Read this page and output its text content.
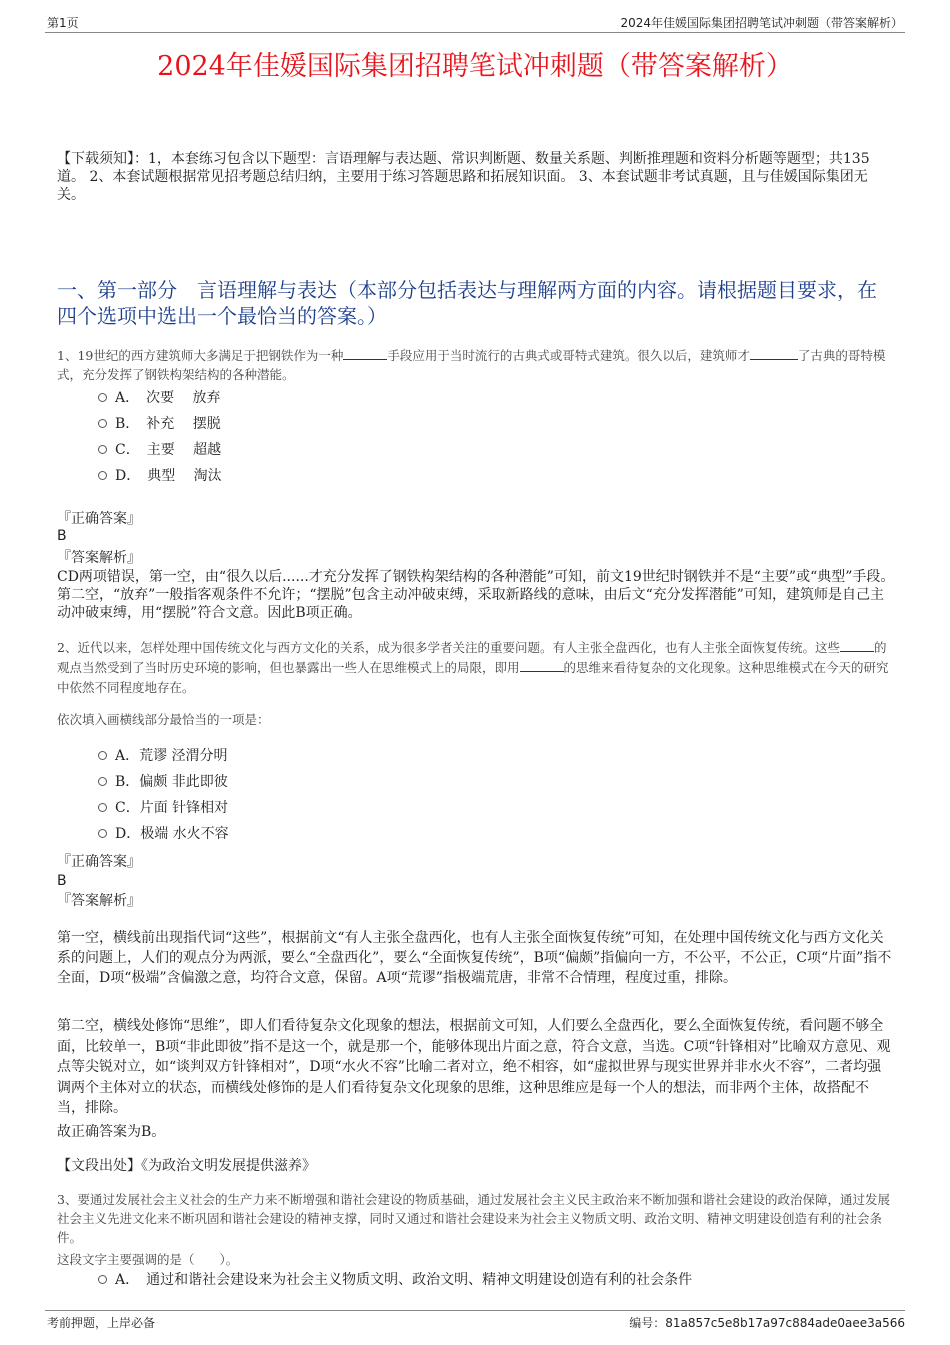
第1页	2024年佳媛国际集团招聘笔试冲刺题（带答案解析）
2024年佳媛国际集团招聘笔试冲刺题（带答案解析）
【下载须知】：1，本套练习包含以下题型：言语理解与表达题、常识判断题、数量关系题、判断推理题和资料分析题等题型；共135道。 2、本套试题根据常见招考题总结归纳，主要用于练习答题思路和拓展知识面。 3、本套试题非考试真题，且与佳媛国际集团无关。
一、第一部分　言语理解与表达（本部分包括表达与理解两方面的内容。请根据题目要求，在四个选项中选出一个最恰当的答案。）
1、19世纪的西方建筑师大多满足于把钢铁作为一种	手段应用于当时流行的古典式或哥特式建筑。很久以后，建筑师才	了古典的哥特模式，充分发挥了钢铁构架结构的各种潜能。
A．　次要　 放弃
B．　补充　 摆脱
C．　主要　 超越
D．　典型　 淘汰
『正确答案』
B
『答案解析』
CD两项错误，第一空，由“很久以后......才充分发挥了钢铁构架结构的各种潜能”可知，前文19世纪时钢铁并不是“主要”或“典型”手段。第二空，“放弃”一般指客观条件不允许；“摆脱”包含主动冲破束缚，采取新路线的意味，由后文“充分发挥潜能”可知，建筑师是自己主动冲破束缚，用“摆脱”符合文意。因此B项正确。
2、近代以来，怎样处理中国传统文化与西方文化的关系，成为很多学者关注的重要问题。有人主张全盘西化，也有人主张全面恢复传统。这些	的观点当然受到了当时历史环境的影响，但也暴露出一些人在思维模式上的局限，即用	的思维来看待复杂的文化现象。这种思维模式在今天的研究中依然不同程度地存在。
依次填入画横线部分最恰当的一项是：
A．荒谬 泾渭分明
B．偏颇 非此即彼
C．片面 针锋相对
D．极端 水火不容
『正确答案』
B
『答案解析』
第一空，横线前出现指代词“这些”，根据前文“有人主张全盘西化，也有人主张全面恢复传统”可知，在处理中国传统文化与西方文化关系的问题上，人们的观点分为两派，要么“全盘西化”，要么“全面恢复传统”，B项“偏颇”指偏向一方，不公平，不公正，C项“片面”指不全面，D项“极端”含偏激之意，均符合文意，保留。A项“荒谬”指极端荒唐，非常不合情理，程度过重，排除。
第二空，横线处修饰“思维”，即人们看待复杂文化现象的想法，根据前文可知，人们要么全盘西化，要么全面恢复传统，看问题不够全面，比较单一，B项“非此即彼”指不是这一个，就是那一个，能够体现出片面之意，符合文意，当选。C项“针锋相对”比喻双方意见、观点等尖锐对立，如“谈判双方针锋相对”，D项“水火不容”比喻二者对立，绝不相容，如“虚拟世界与现实世界并非水火不容”，二者均强调两个主体对立的状态，而横线处修饰的是人们看待复杂文化现象的思维，这种思维应是每一个人的想法，而非两个主体，故搭配不当，排除。
故正确答案为B。
【文段出处】《为政治文明发展提供滋养》
3、要通过发展社会主义社会的生产力来不断增强和谐社会建设的物质基础，通过发展社会主义民主政治来不断加强和谐社会建设的政治保障，通过发展社会主义先进文化来不断巩固和谐社会建设的精神支撑，同时又通过和谐社会建设来为社会主义物质文明、政治文明、精神文明建设创造有利的社会条件。
这段文字主要强调的是（　　）。
A．　通过和谐社会建设来为社会主义物质文明、政治文明、精神文明建设创造有利的社会条件
考前押题，上岸必备	编号：81a857c5e8b17a97c884ade0aee3a566
